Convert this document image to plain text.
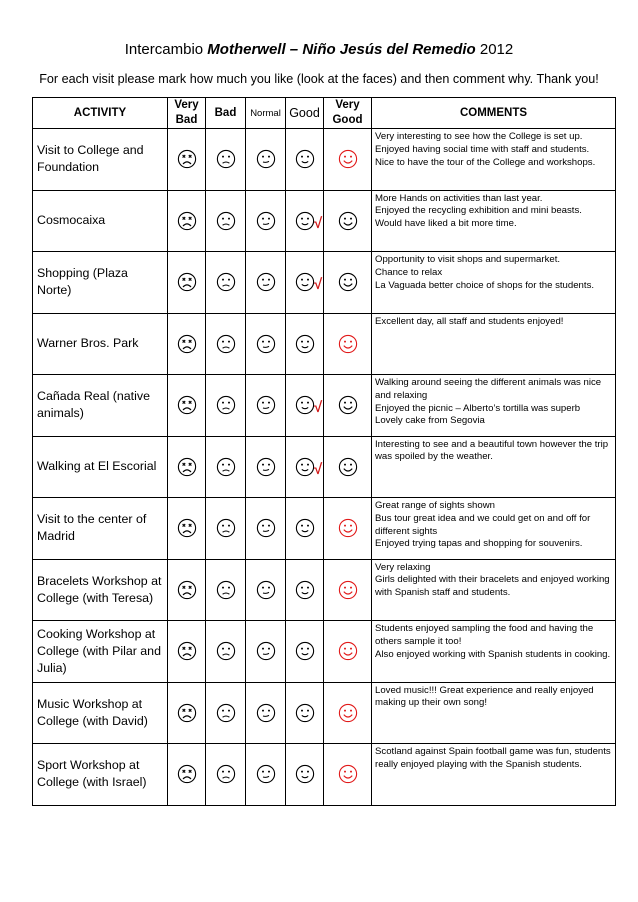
Intercambio Motherwell – Niño Jesús del Remedio 2012
For each visit please mark how much you like (look at the faces) and then comment why. Thank you!
ACTIVITY	Very Bad	Bad	Normal	Good	Very Good	COMMENTS
Visit to College and Foundation						Very interesting to see how the College is set up.
Enjoyed having social time with staff and students.
Nice to have the tour of the College and workshops.

Cosmocaixa				√		More Hands on activities than last year.
Enjoyed the recycling exhibition and mini beasts.
Would have liked a bit more time.

Shopping (Plaza Norte)				√		Opportunity to visit shops and supermarket.
Chance to relax
La Vaguada better choice of shops for the students.

Warner Bros. Park						Excellent day, all staff and students enjoyed!

Cañada Real (native animals)				√		Walking around seeing the different animals was nice and relaxing
Enjoyed the picnic – Alberto’s tortilla was superb
Lovely cake from Segovia

Walking at El Escorial				√		Interesting to see and a beautiful town however the trip was spoiled by the weather.

Visit to the center of Madrid						Great range of sights shown
Bus tour great idea and we could get on and off for different sights
Enjoyed trying tapas and shopping for souvenirs.

Bracelets Workshop at College (with Teresa)						Very relaxing
Girls delighted with their bracelets and enjoyed working with Spanish staff and students.

Cooking Workshop at College (with Pilar and Julia)						Students enjoyed sampling the food and having the others sample it too!
Also enjoyed working with Spanish students in cooking.

Music Workshop at College (with David)						Loved music!!! Great experience and really enjoyed making up their own song!

Sport Workshop at College (with Israel)						Scotland against Spain football game was fun, students really enjoyed playing with the Spanish students.
